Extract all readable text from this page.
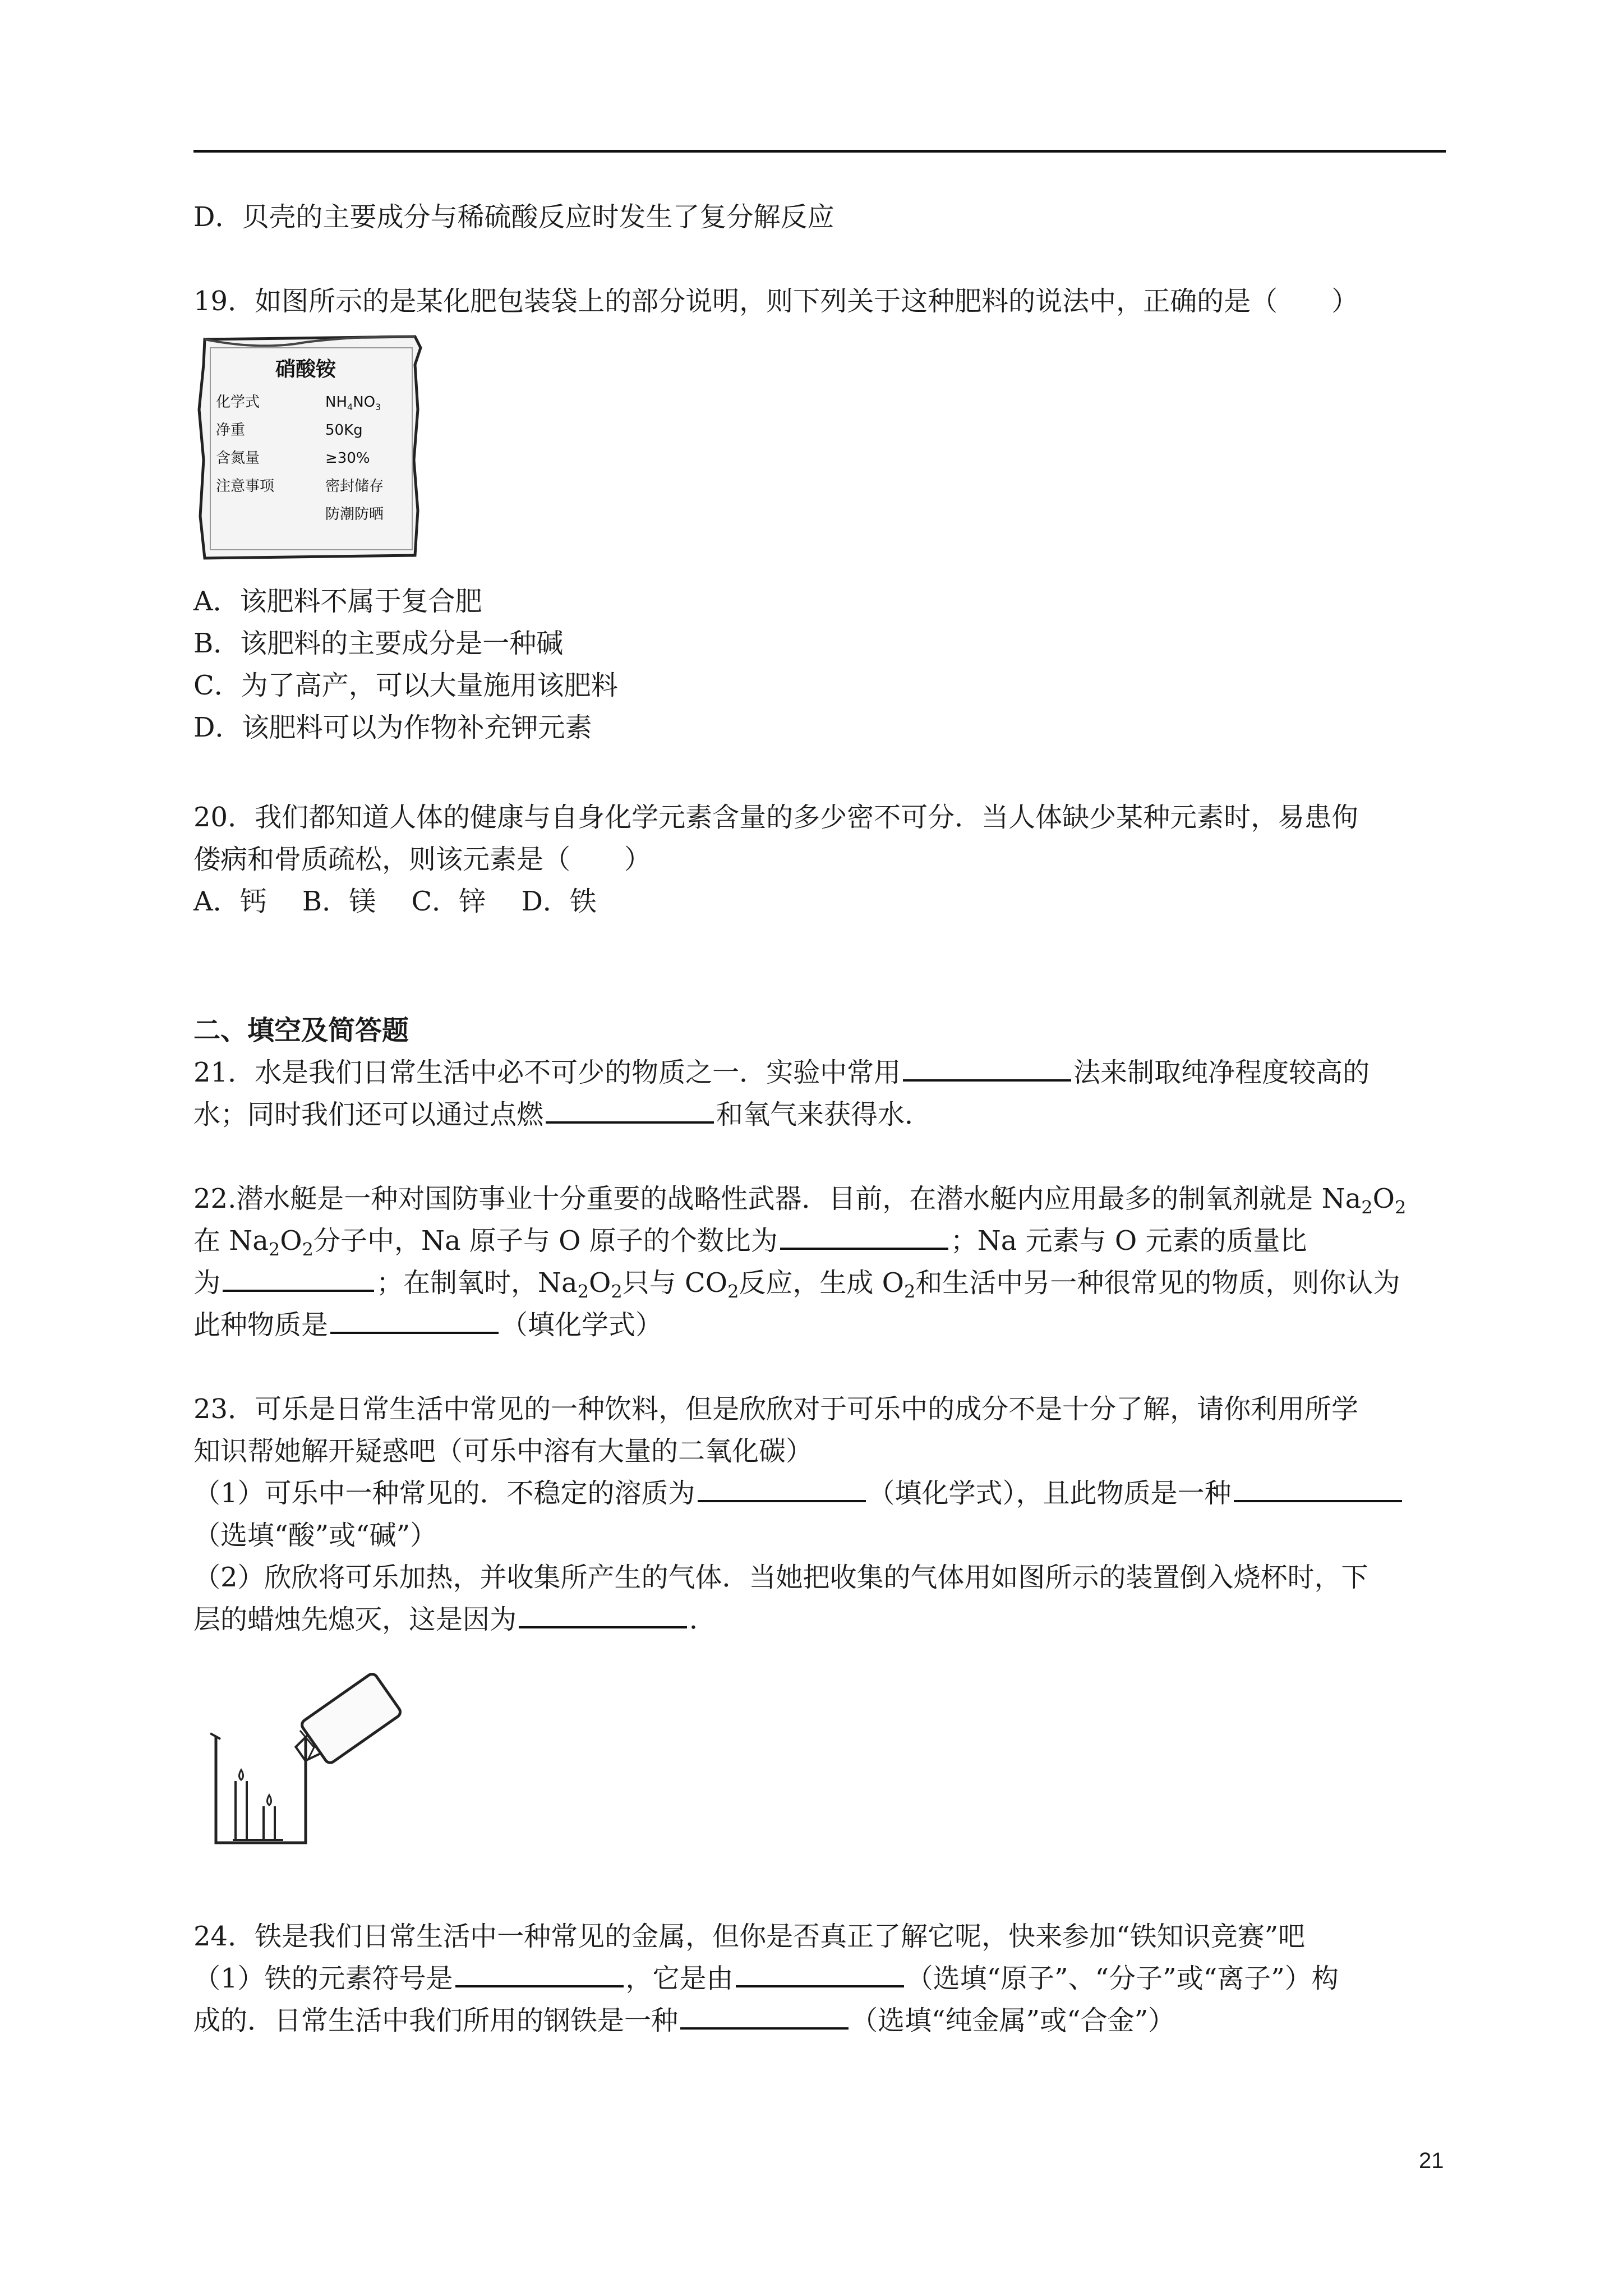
D．贝壳的主要成分与稀硫酸反应时发生了复分解反应
19．如图所示的是某化肥包装袋上的部分说明，则下列关于这种肥料的说法中，正确的是（　　）
硝酸铵
化学式	$NH_4NO_3$
净重	50Kg
含氮量	≥30%
注意事项	密封储存
防潮防晒
A．该肥料不属于复合肥
B．该肥料的主要成分是一种碱
C．为了高产，可以大量施用该肥料
D．该肥料可以为作物补充钾元素
20．我们都知道人体的健康与自身化学元素含量的多少密不可分．当人体缺少某种元素时，易患佝
偻病和骨质疏松，则该元素是（　　）
A．钙　 B．镁　 C．锌　 D．铁
二、填空及简答题
21．水是我们日常生活中必不可少的物质之一．实验中常用	法来制取纯净程度较高的
水；同时我们还可以通过点燃	和氧气来获得水．
22.潜水艇是一种对国防事业十分重要的战略性武器．目前，在潜水艇内应用最多的制氧剂就是 $Na_2O_2$
在 $Na_2O_2$分子中，Na 原子与 O 原子的个数比为	；Na 元素与 O 元素的质量比
为	；在制氧时，$Na_2O_2$只与 $CO_2$反应，生成 $O_2$和生活中另一种很常见的物质，则你认为
此种物质是	（填化学式）
23．可乐是日常生活中常见的一种饮料，但是欣欣对于可乐中的成分不是十分了解，请你利用所学
知识帮她解开疑惑吧（可乐中溶有大量的二氧化碳）
（1）可乐中一种常见的．不稳定的溶质为	（填化学式），且此物质是一种
（选填“酸”或“碱”）
（2）欣欣将可乐加热，并收集所产生的气体．当她把收集的气体用如图所示的装置倒入烧杯时，下
层的蜡烛先熄灭，这是因为	．
24．铁是我们日常生活中一种常见的金属，但你是否真正了解它呢，快来参加“铁知识竞赛”吧
（1）铁的元素符号是	，它是由	（选填“原子”、“分子”或“离子”）构
成的．日常生活中我们所用的钢铁是一种	（选填“纯金属”或“合金”）
21
